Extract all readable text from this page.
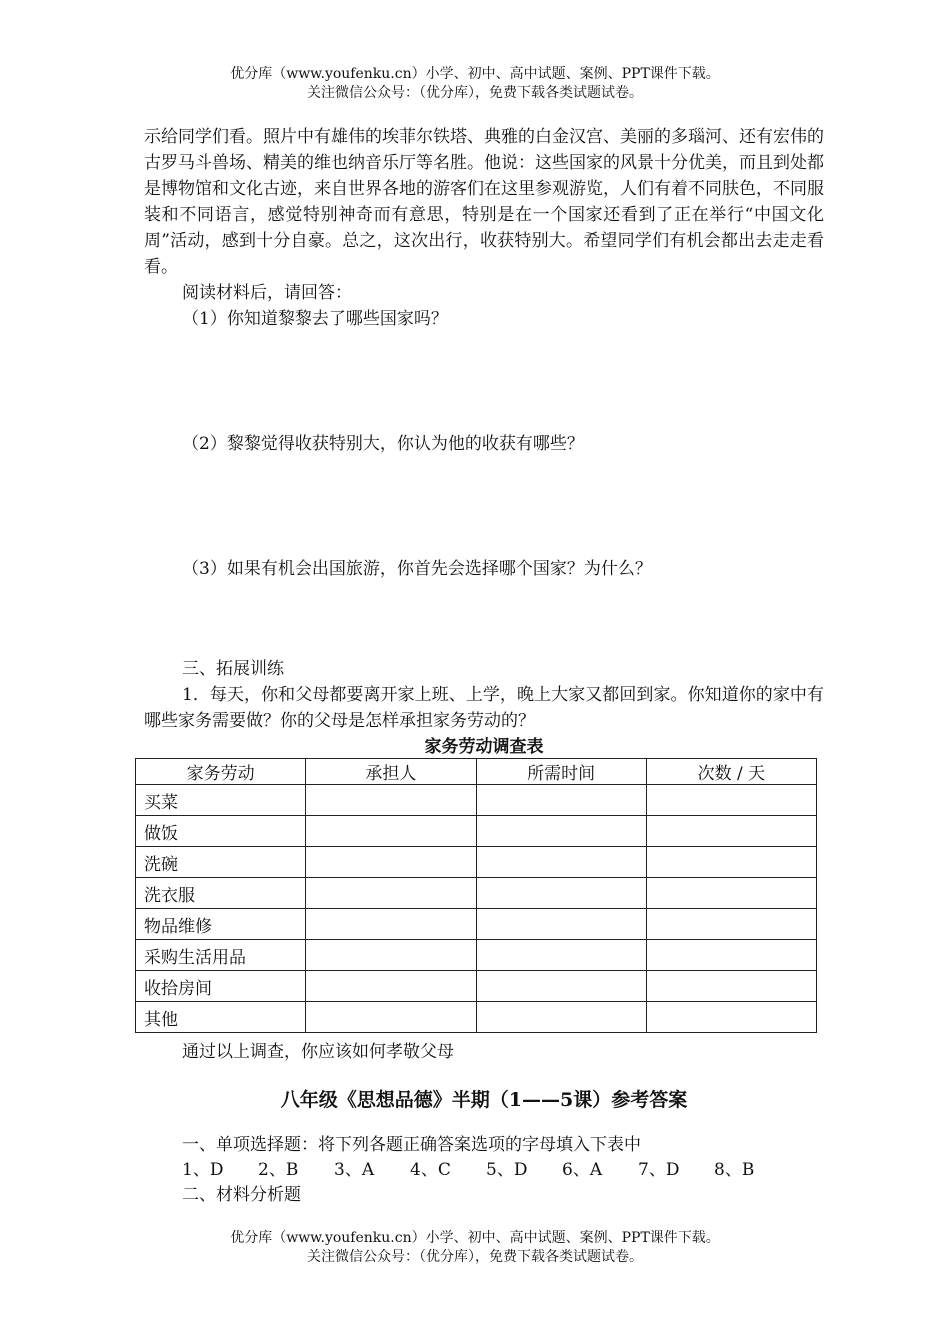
优分库（www.youfenku.cn）小学、初中、高中试题、案例、PPT课件下载。
关注微信公众号：（优分库），免费下载各类试题试卷。

示给同学们看。照片中有雄伟的埃菲尔铁塔、典雅的白金汉宫、美丽的多瑙河、还有宏伟的古罗马斗兽场、精美的维也纳音乐厅等名胜。他说：这些国家的风景十分优美，而且到处都是博物馆和文化古迹，来自世界各地的游客们在这里参观游览，人们有着不同肤色，不同服装和不同语言，感觉特别神奇而有意思，特别是在一个国家还看到了正在举行“中国文化周”活动，感到十分自豪。总之，这次出行，收获特别大。希望同学们有机会都出去走走看看。

阅读材料后，请回答：

（1）你知道黎黎去了哪些国家吗？

（2）黎黎觉得收获特别大，你认为他的收获有哪些？

（3）如果有机会出国旅游，你首先会选择哪个国家？为什么？

三、拓展训练

1．每天，你和父母都要离开家上班、上学，晚上大家又都回到家。你知道你的家中有哪些家务需要做？你的父母是怎样承担家务劳动的？

家务劳动调查表
家务劳动	承担人	所需时间	次数 / 天
买菜			
做饭			
洗碗			
洗衣服			
物品维修			
采购生活用品			
收拾房间			
其他			

通过以上调查，你应该如何孝敬父母

八年级《思想品德》半期（1——5课）参考答案

一、单项选择题：将下列各题正确答案选项的字母填入下表中

1、D	2、B	3、A	4、C	5、D	6、A	7、D	8、B

二、材料分析题

优分库（www.youfenku.cn）小学、初中、高中试题、案例、PPT课件下载。
关注微信公众号：（优分库），免费下载各类试题试卷。
